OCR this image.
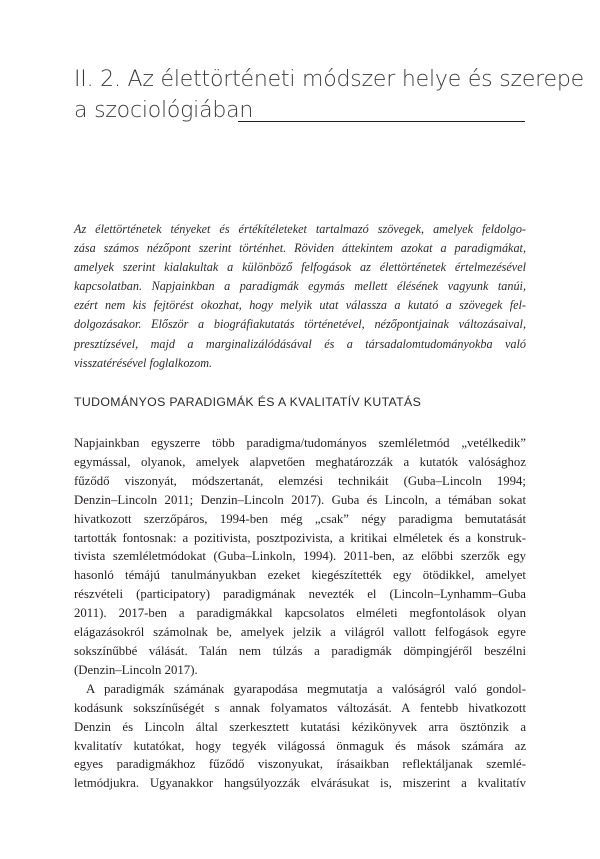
II. 2. Az élettörténeti módszer helye és szerepe
a szociológiában
Az élettörténetek tényeket és értékítéleteket tartalmazó szövegek, amelyek feldolgo-
zása számos nézőpont szerint történhet. Röviden áttekintem azokat a paradigmákat,
amelyek szerint kialakultak a különböző felfogások az élettörténetek értelmezésével
kapcsolatban. Napjainkban a paradigmák egymás mellett élésének vagyunk tanúi,
ezért nem kis fejtörést okozhat, hogy melyik utat válassza a kutató a szövegek fel-
dolgozásakor. Először a biográfiakutatás történetével, nézőpontjainak változásaival,
presztízsével, majd a marginalizálódásával és a társadalomtudományokba való
visszatérésével foglalkozom.
TUDOMÁNYOS PARADIGMÁK ÉS A KVALITATÍV KUTATÁS
Napjainkban egyszerre több paradigma/tudományos szemléletmód „vetélkedik”
egymással, olyanok, amelyek alapvetően meghatározzák a kutatók valósághoz
fűződő viszonyát, módszertanát, elemzési technikáit (Guba–Lincoln 1994;
Denzin–Lincoln 2011; Denzin–Lincoln 2017). Guba és Lincoln, a témában sokat
hivatkozott szerzőpáros, 1994-ben még „csak” négy paradigma bemutatását
tartották fontosnak: a pozitivista, posztpozivista, a kritikai elméletek és a konstruk-
tivista szemléletmódokat (Guba–Linkoln, 1994). 2011-ben, az előbbi szerzők egy
hasonló témájú tanulmányukban ezeket kiegészítették egy ötödikkel, amelyet
részvételi (participatory) paradigmának nevezték el (Lincoln–Lynhamm–Guba
2011). 2017-ben a paradigmákkal kapcsolatos elméleti megfontolások olyan
elágazásokról számolnak be, amelyek jelzik a világról vallott felfogások egyre
sokszínűbbé válását. Talán nem túlzás a paradigmák dömpingjéről beszélni
(Denzin–Lincoln 2017).
A paradigmák számának gyarapodása megmutatja a valóságról való gondol-
kodásunk sokszínűségét s annak folyamatos változását. A fentebb hivatkozott
Denzin és Lincoln által szerkesztett kutatási kézikönyvek arra ösztönzik a
kvalitatív kutatókat, hogy tegyék világossá önmaguk és mások számára az
egyes paradigmákhoz fűződő viszonyukat, írásaikban reflektáljanak szemlé-
letmódjukra. Ugyanakkor hangsúlyozzák elvárásukat is, miszerint a kvalitatív
